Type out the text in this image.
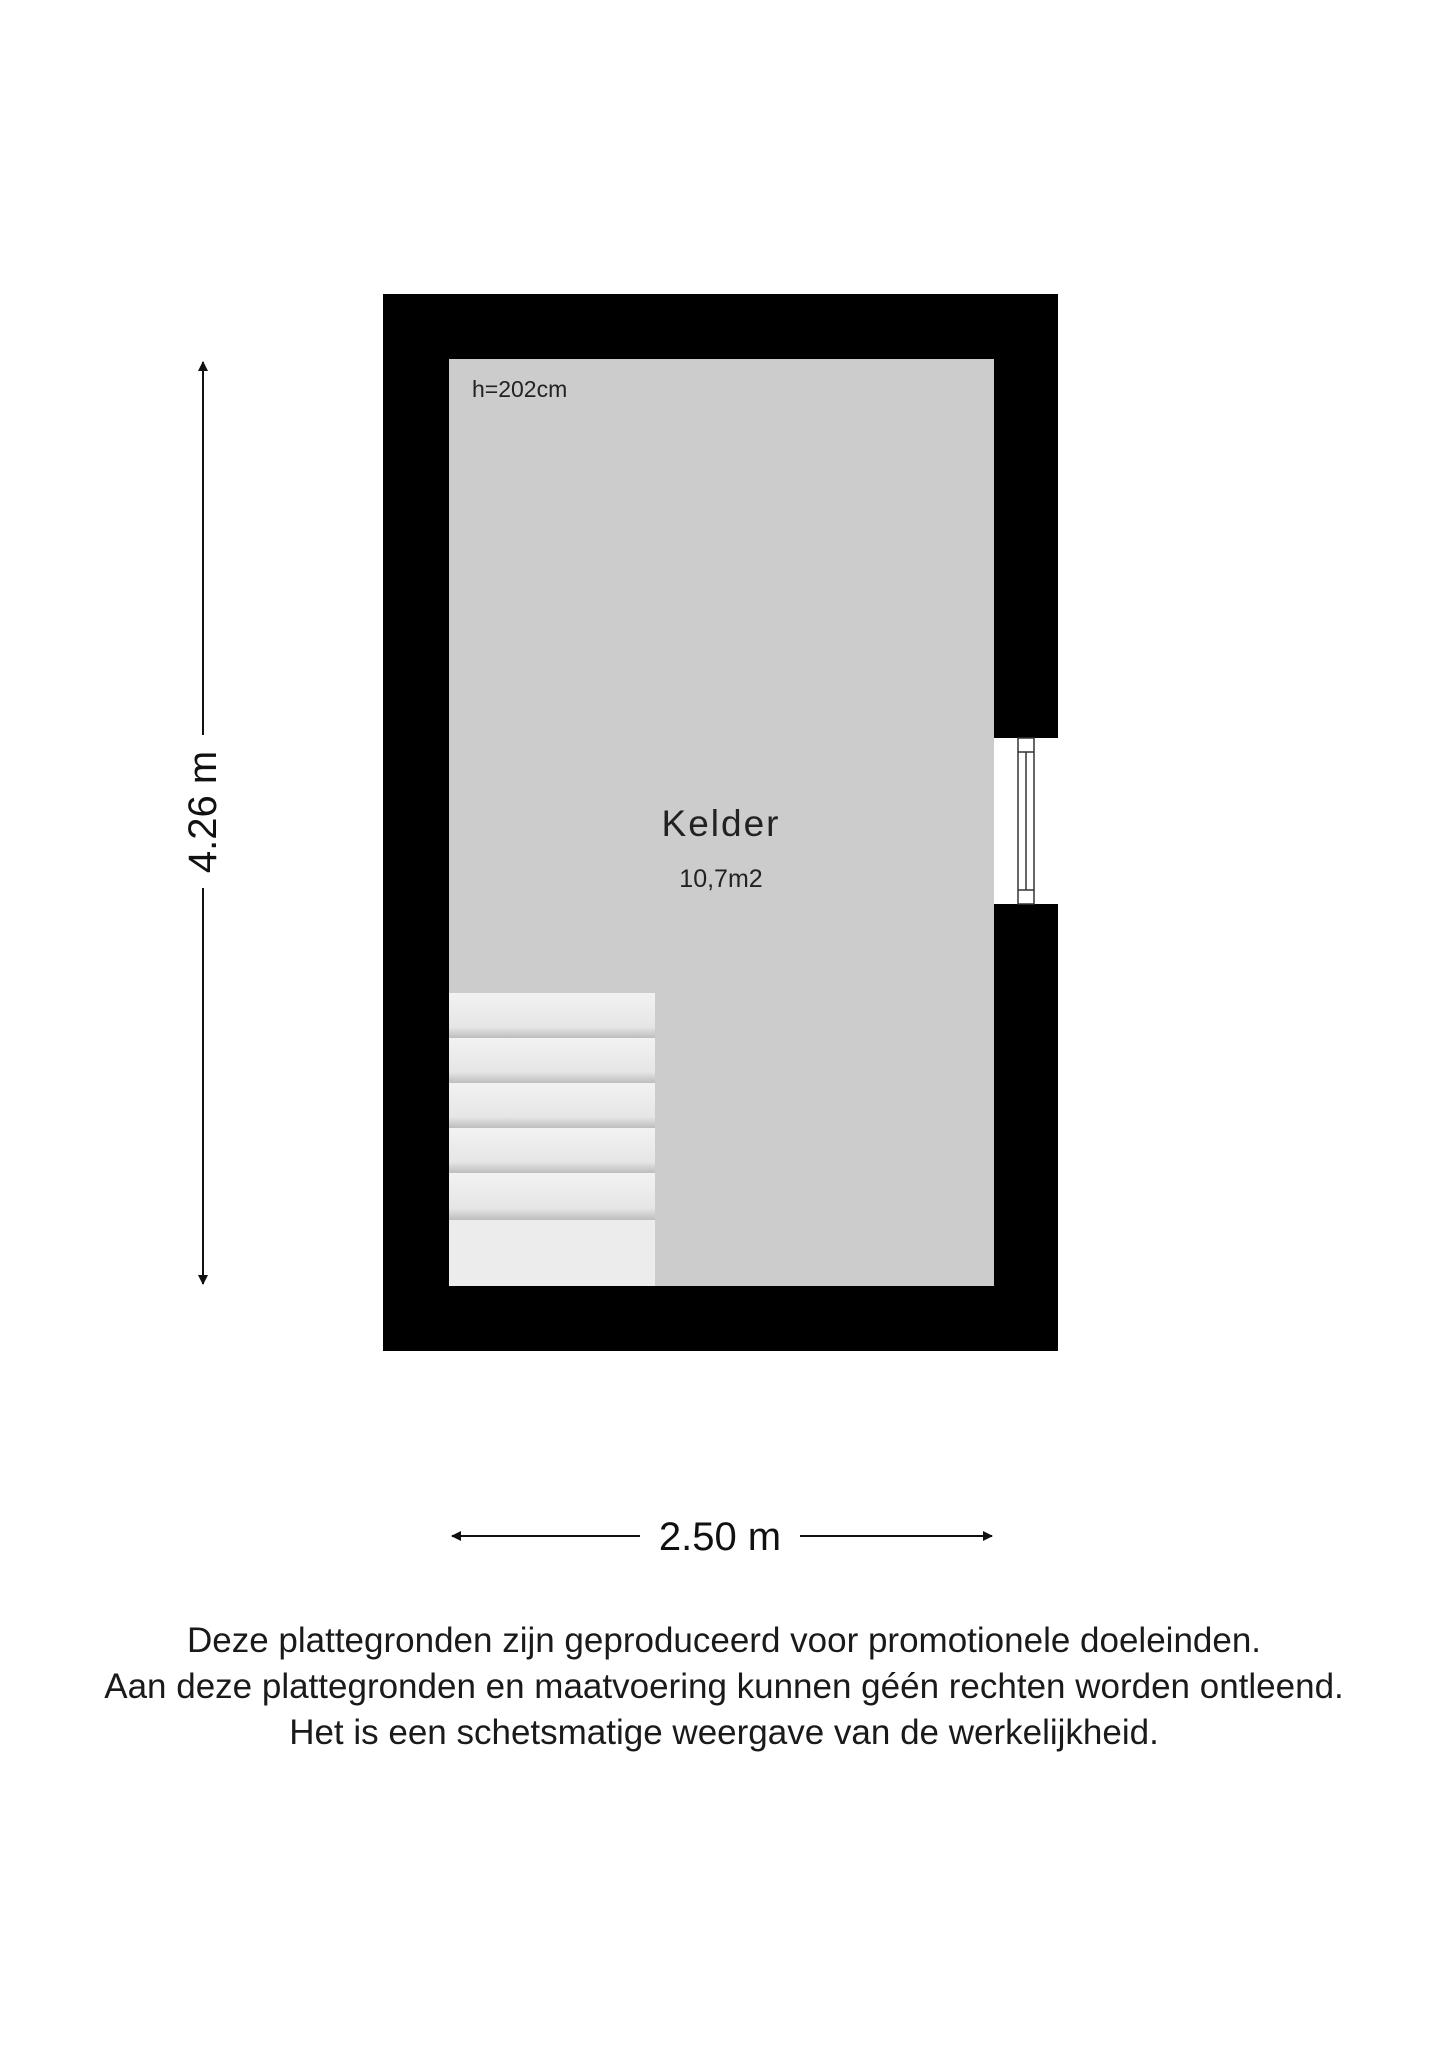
h=202cm
Kelder
10,7m2
4.26 m
2.50 m
Deze plattegronden zijn geproduceerd voor promotionele doeleinden.
Aan deze plattegronden en maatvoering kunnen géén rechten worden ontleend.
Het is een schetsmatige weergave van de werkelijkheid.
